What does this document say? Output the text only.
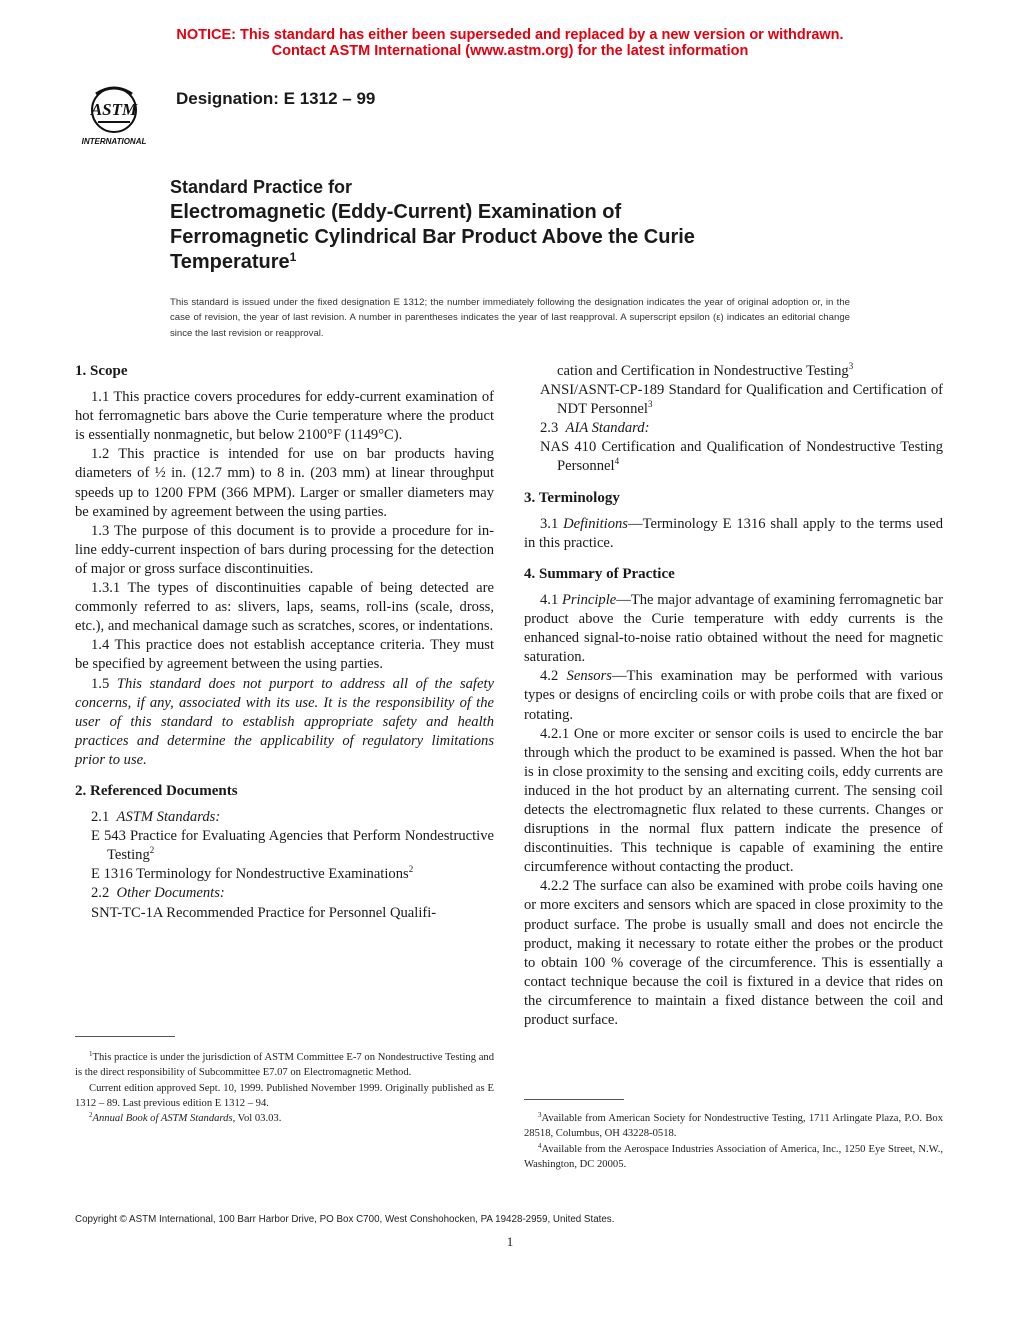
NOTICE: This standard has either been superseded and replaced by a new version or withdrawn.
Contact ASTM International (www.astm.org) for the latest information
ASTM
INTERNATIONAL
Designation: E 1312 – 99
Standard Practice for
Electromagnetic (Eddy-Current) Examination of
Ferromagnetic Cylindrical Bar Product Above the Curie
Temperature$^1$
This standard is issued under the fixed designation E 1312; the number immediately following the designation indicates the year of original adoption or, in the case of revision, the year of last revision. A number in parentheses indicates the year of last reapproval. A superscript epsilon (ε) indicates an editorial change since the last revision or reapproval.
1. Scope

1.1 This practice covers procedures for eddy-current examination of hot ferromagnetic bars above the Curie temperature where the product is essentially nonmagnetic, but below 2100°F (1149°C).

1.2 This practice is intended for use on bar products having diameters of ½ in. (12.7 mm) to 8 in. (203 mm) at linear throughput speeds up to 1200 FPM (366 MPM). Larger or smaller diameters may be examined by agreement between the using parties.

1.3 The purpose of this document is to provide a procedure for in-line eddy-current inspection of bars during processing for the detection of major or gross surface discontinuities.

1.3.1 The types of discontinuities capable of being detected are commonly referred to as: slivers, laps, seams, roll-ins (scale, dross, etc.), and mechanical damage such as scratches, scores, or indentations.

1.4 This practice does not establish acceptance criteria. They must be specified by agreement between the using parties.

1.5 This standard does not purport to address all of the safety concerns, if any, associated with its use. It is the responsibility of the user of this standard to establish appropriate safety and health practices and determine the applicability of regulatory limitations prior to use.

2. Referenced Documents

2.1 ASTM Standards:

E 543 Practice for Evaluating Agencies that Perform Nondestructive Testing$^2$

E 1316 Terminology for Nondestructive Examinations$^2$

2.2 Other Documents:

SNT-TC-1A Recommended Practice for Personnel Qualifi-

cation and Certification in Nondestructive Testing$^3$

ANSI/ASNT-CP-189 Standard for Qualification and Certification of NDT Personnel$^3$

2.3 AIA Standard:

NAS 410 Certification and Qualification of Nondestructive Testing Personnel$^4$

3. Terminology

3.1 Definitions—Terminology E 1316 shall apply to the terms used in this practice.

4. Summary of Practice

4.1 Principle—The major advantage of examining ferromagnetic bar product above the Curie temperature with eddy currents is the enhanced signal-to-noise ratio obtained without the need for magnetic saturation.

4.2 Sensors—This examination may be performed with various types or designs of encircling coils or with probe coils that are fixed or rotating.

4.2.1 One or more exciter or sensor coils is used to encircle the bar through which the product to be examined is passed. When the hot bar is in close proximity to the sensing and exciting coils, eddy currents are induced in the hot product by an alternating current. The sensing coil detects the electromagnetic flux related to these currents. Changes or disruptions in the normal flux pattern indicate the presence of discontinuities. This technique is capable of examining the entire circumference without contacting the product.

4.2.2 The surface can also be examined with probe coils having one or more exciters and sensors which are spaced in close proximity to the product surface. The probe is usually small and does not encircle the product, making it necessary to rotate either the probes or the product to obtain 100 % coverage of the circumference. This is essentially a contact technique because the coil is fixtured in a device that rides on the circumference to maintain a fixed distance between the coil and product surface.

$^1$This practice is under the jurisdiction of ASTM Committee E-7 on Nondestructive Testing and is the direct responsibility of Subcommittee E7.07 on Electromagnetic Method.

Current edition approved Sept. 10, 1999. Published November 1999. Originally published as E 1312 – 89. Last previous edition E 1312 – 94.

$^2$Annual Book of ASTM Standards, Vol 03.03.	$^3$Available from American Society for Nondestructive Testing, 1711 Arlingate Plaza, P.O. Box 28518, Columbus, OH 43228-0518.

$^4$Available from the Aerospace Industries Association of America, Inc., 1250 Eye Street, N.W., Washington, DC 20005.

Copyright © ASTM International, 100 Barr Harbor Drive, PO Box C700, West Conshohocken, PA 19428-2959, United States.
1
